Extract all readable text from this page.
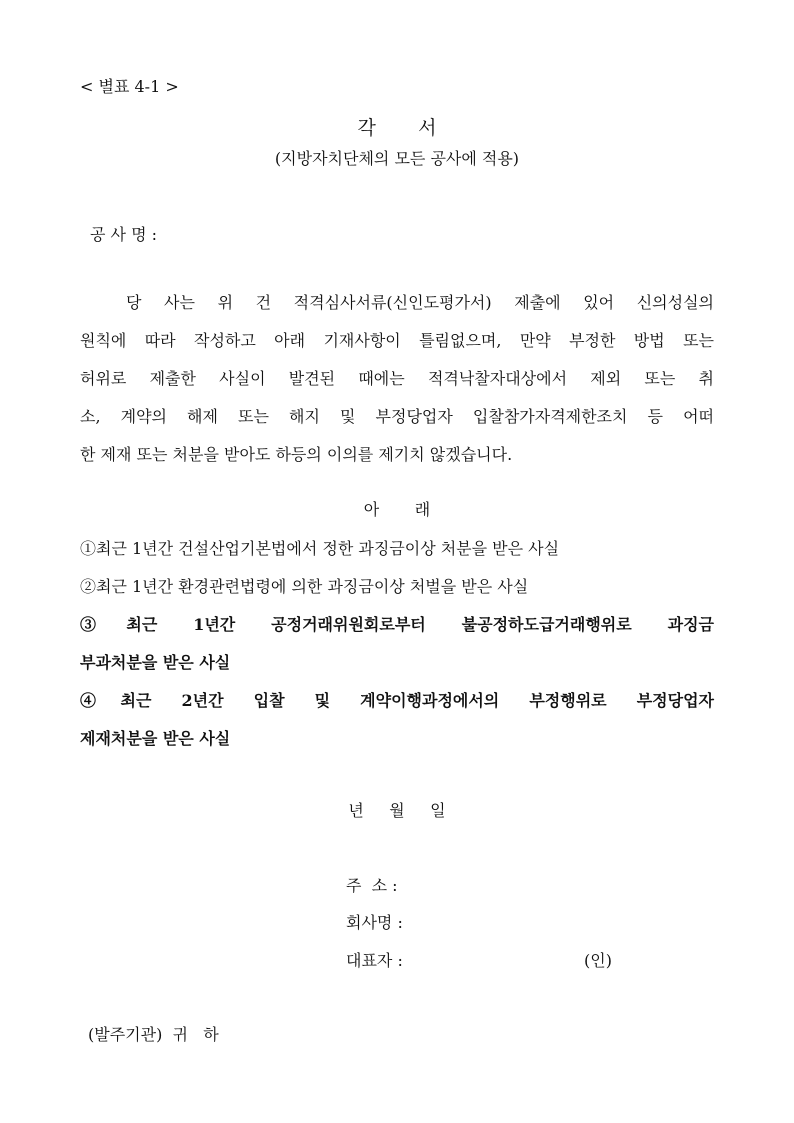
< 별표 4-1 >
각       서
(지방자치단체의 모든 공사에 적용)
공 사 명 :
당 사는 위 건 적격심사서류(신인도평가서) 제출에 있어 신의성실의
원칙에 따라 작성하고 아래 기재사항이 틀림없으며, 만약 부정한 방법 또는
허위로 제출한 사실이 발견된 때에는 적격낙찰자대상에서 제외 또는 취
소, 계약의 해제 또는 해지 및 부정당업자 입찰참가자격제한조치 등 어떠
한 제재 또는 처분을 받아도 하등의 이의를 제기치 않겠습니다.
아       래
①최근 1년간 건설산업기본법에서 정한 과징금이상 처분을 받은 사실
②최근 1년간 환경관련법령에 의한 과징금이상 처벌을 받은 사실
③최근 1년간 공정거래위원회로부터 불공정하도급거래행위로 과징금
부과처분을 받은 사실
④최근 2년간 입찰 및 계약이행과정에서의 부정행위로 부정당업자
제재처분을 받은 사실
년     월     일
주  소 :
회사명 :
대표자 :	(인)
(발주기관)  귀   하
